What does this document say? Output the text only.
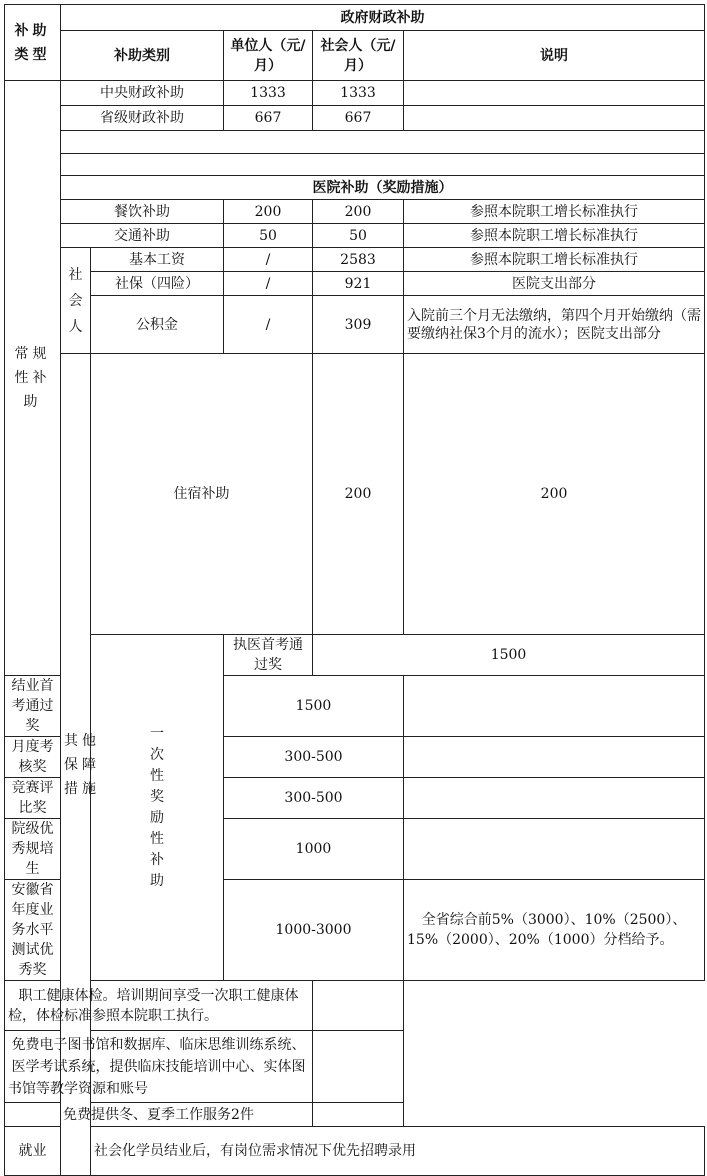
补助类型	政府财政补助					
	补助类别		单位人（元/月）	社会人（元/月）	说明	

常规性补助	中央财政补助		1333	1333		
	省级财政补助		667	667		

	医院补助（奖励措施）					
	餐饮补助		200	200	参照本院职工增长标准执行	
	交通补助		50	50	参照本院职工增长标准执行	

	社会人	基本工资	/	2583	参照本院职工增长标准执行	
		社保（四险）	/	921	医院支出部分	
		公积金	/	309	入院前三个月无法缴纳，第四个月开始缴纳（需要缴纳社保3个月的流水）；医院支出部分	

	其他保障措施	住宿补助		200	200	

		一次性奖励性补助	执医首考通过奖	1500		
结业首考通过奖			1500			
月度考核奖			300-500			
竞赛评比奖			300-500			
院级优秀规培生			1000			
安徽省年度业务水平测试优秀奖			1000-3000		全省综合前5%（3000）、10%（2500）、15%（2000）、20%（1000）分档给予。	
职工健康体检。培训期间享受一次职工健康体检，体检标准参照本院职工执行。						
免费电子图书馆和数据库、临床思维训练系统、医学考试系统，提供临床技能培训中心、实体图书馆等教学资源和账号						
免费提供冬、夏季工作服务2件						
就业		社会化学员结业后，有岗位需求情况下优先招聘录用				
